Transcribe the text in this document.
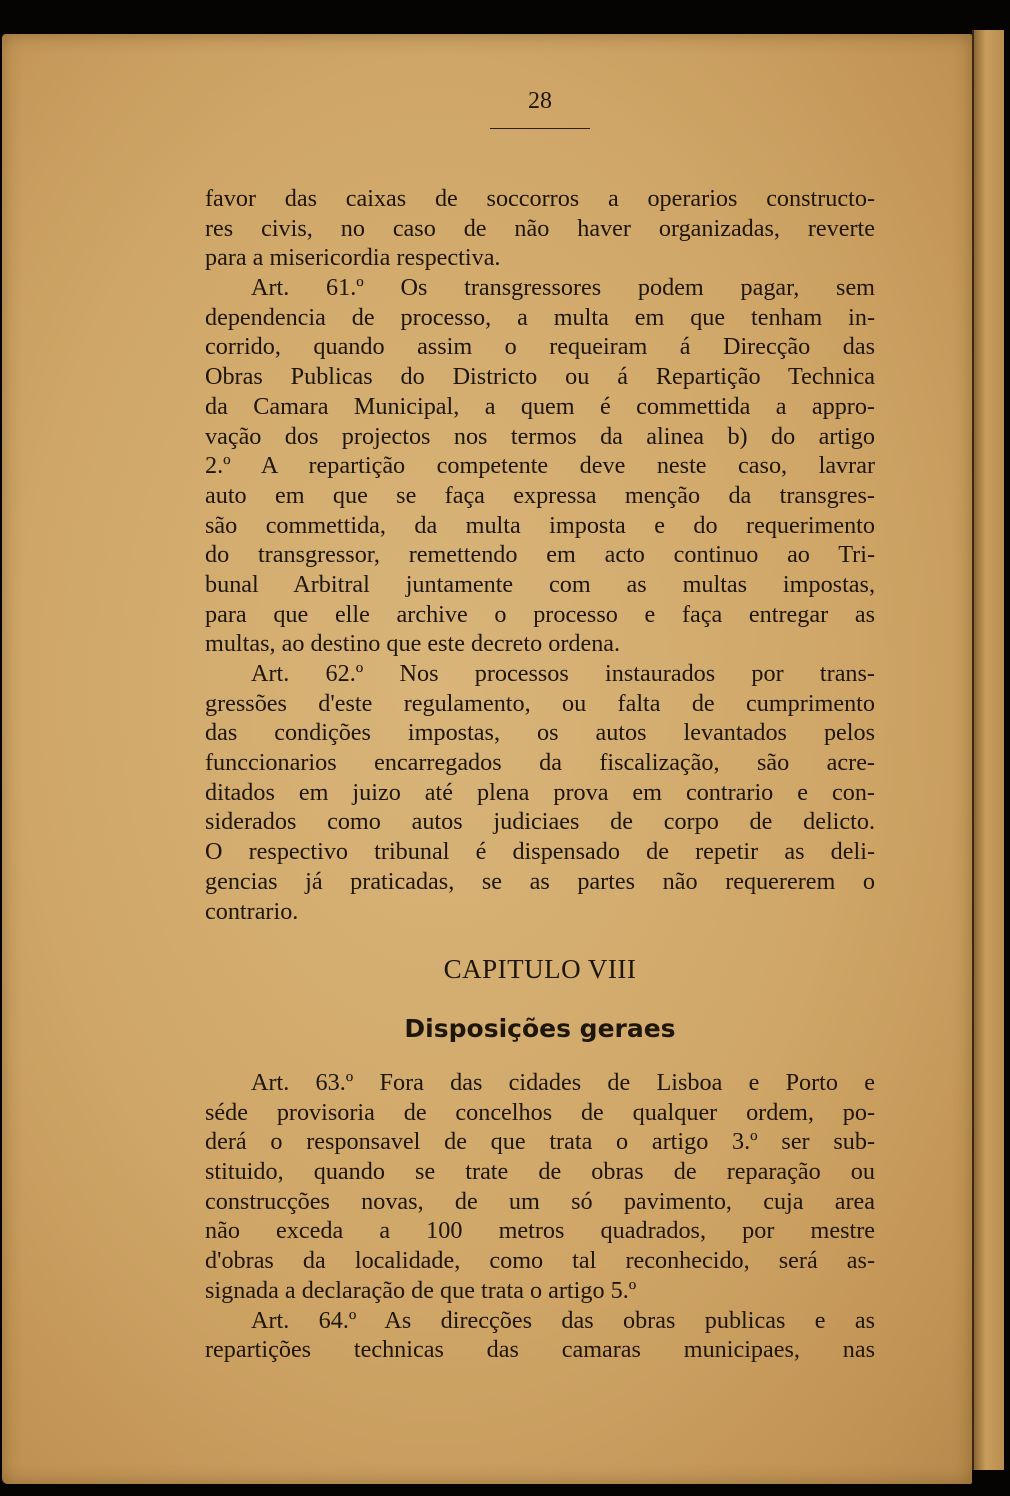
28
favor das caixas de soccorros a operarios constructo-
res civis, no caso de não haver organizadas, reverte
para a misericordia respectiva.
Art. 61.º Os transgressores podem pagar, sem
dependencia de processo, a multa em que tenham in-
corrido, quando assim o requeiram á Direcção das
Obras Publicas do Districto ou á Repartição Technica
da Camara Municipal, a quem é commettida a appro-
vação dos projectos nos termos da alinea b) do artigo
2.º A repartição competente deve neste caso, lavrar
auto em que se faça expressa menção da transgres-
são commettida, da multa imposta e do requerimento
do transgressor, remettendo em acto continuo ao Tri-
bunal Arbitral juntamente com as multas impostas,
para que elle archive o processo e faça entregar as
multas, ao destino que este decreto ordena.
Art. 62.º Nos processos instaurados por trans-
gressões d'este regulamento, ou falta de cumprimento
das condições impostas, os autos levantados pelos
funccionarios encarregados da fiscalização, são acre-
ditados em juizo até plena prova em contrario e con-
siderados como autos judiciaes de corpo de delicto.
O respectivo tribunal é dispensado de repetir as deli-
gencias já praticadas, se as partes não requererem o
contrario.
CAPITULO VIII
Disposições geraes
Art. 63.º Fora das cidades de Lisboa e Porto e
séde provisoria de concelhos de qualquer ordem, po-
derá o responsavel de que trata o artigo 3.º ser sub-
stituido, quando se trate de obras de reparação ou
construcções novas, de um só pavimento, cuja area
não exceda a 100 metros quadrados, por mestre
d'obras da localidade, como tal reconhecido, será as-
signada a declaração de que trata o artigo 5.º
Art. 64.º As direcções das obras publicas e as
repartições technicas das camaras municipaes, nas
